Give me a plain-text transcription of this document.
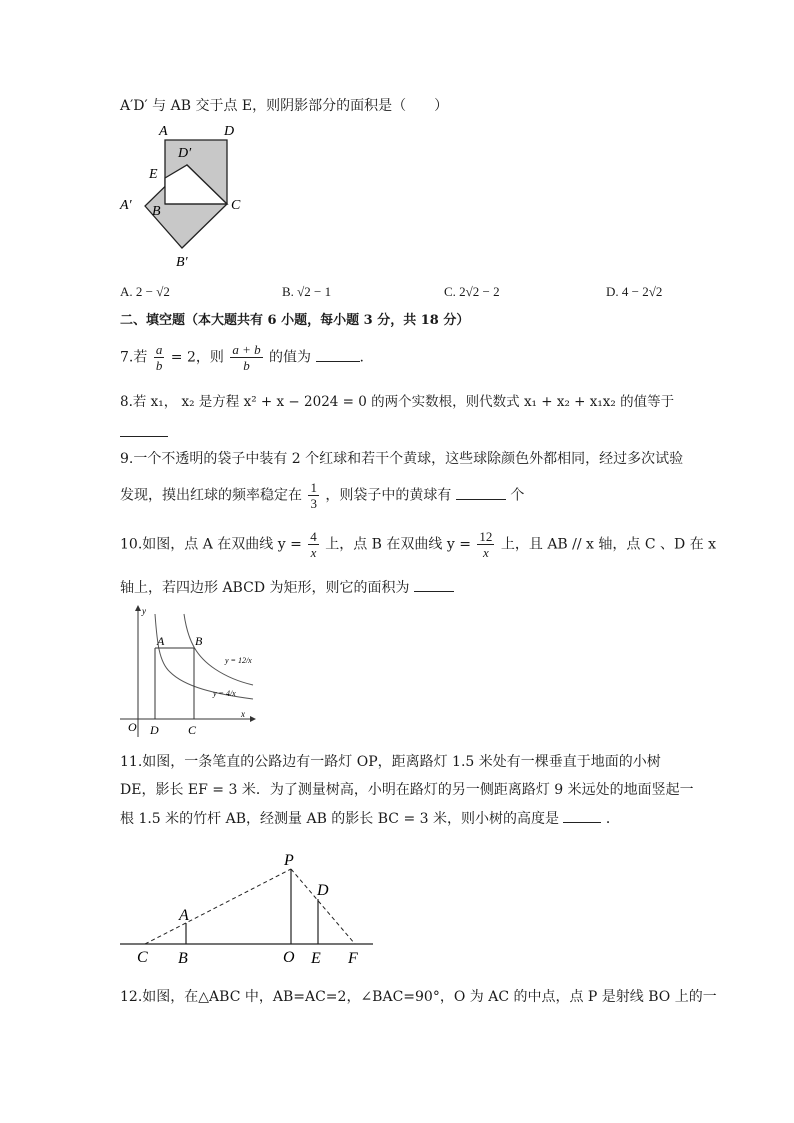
A′D′ 与 AB 交于点 E，则阴影部分的面积是（　　）
A	D
D′
E
A′ B	C
B′
A. 2 − √2	B. √2 − 1	C. 2√2 − 2	D. 4 − 2√2
二、填空题（本大题共有 6 小题，每小题 3 分，共 18 分）
7.若 $\frac{a}{b} = 2$，则 $\frac{a + b}{b}$ 的值为	.
8.若 x₁， x₂ 是方程 x² + x − 2024 = 0 的两个实数根，则代数式 x₁ + x₂ + x₁x₂ 的值等于
9.一个不透明的袋子中装有 2 个红球和若干个黄球，这些球除颜色外都相同，经过多次试验
发现，摸出红球的频率稳定在 $\frac{1}{3}$ ，则袋子中的黄球有	个
10.如图，点 A 在双曲线 $y = \frac{4}{x}$ 上，点 B 在双曲线 $y = \frac{12}{x}$ 上，且 AB // x 轴，点 C 、D 在 x
轴上，若四边形 ABCD 为矩形，则它的面积为
y
x
O
A	B
D C
y = 12/x
y = 4/x
11.如图，一条笔直的公路边有一路灯 OP，距离路灯 1.5 米处有一棵垂直于地面的小树
DE，影长 EF = 3 米．为了测量树高，小明在路灯的另一侧距离路灯 9 米远处的地面竖起一
根 1.5 米的竹杆 AB，经测量 AB 的影长 BC = 3 米，则小树的高度是	．
P
A
D
C B	O E F
12.如图，在△ABC 中，AB=AC=2，∠BAC=90°，O 为 AC 的中点，点 P 是射线 BO 上的一
